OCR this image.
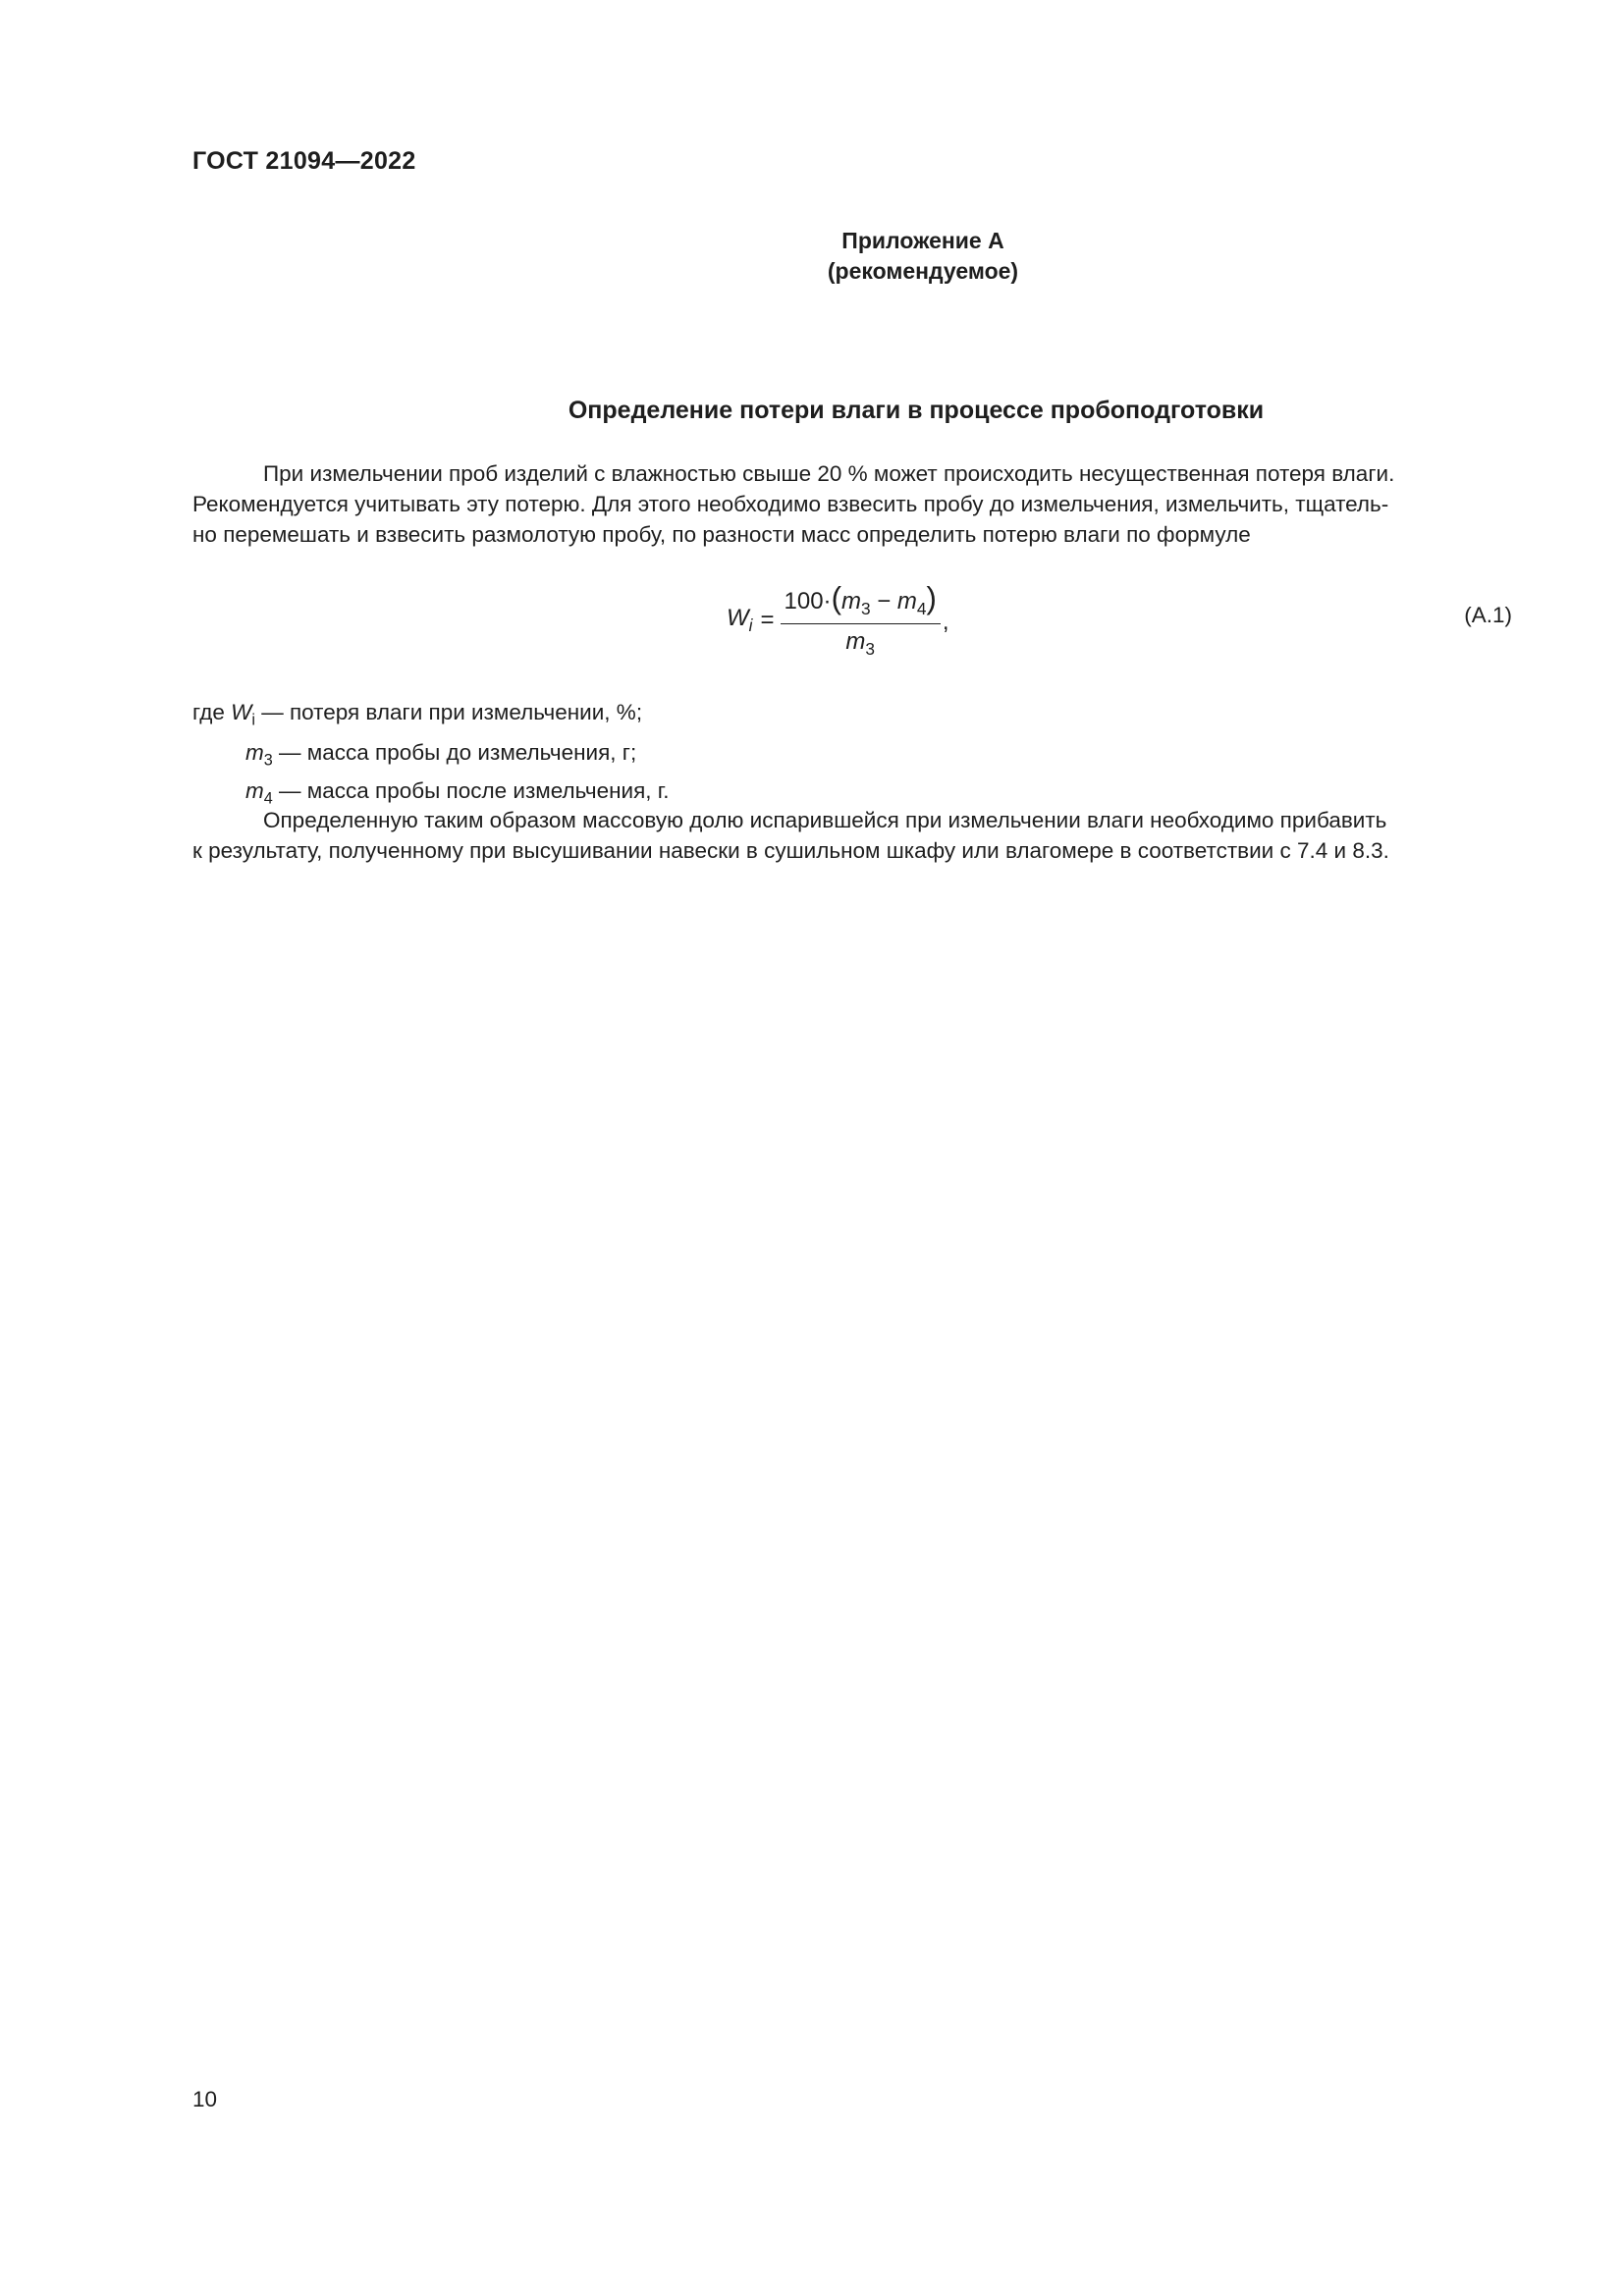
ГОСТ 21094—2022
Приложение А
(рекомендуемое)
Определение потери влаги в процессе пробоподготовки
При измельчении проб изделий с влажностью свыше 20 % может происходить несущественная потеря влаги.
Рекомендуется учитывать эту потерю. Для этого необходимо взвесить пробу до измельчения, измельчить, тщатель-
но перемешать и взвесить размолотую пробу, по разности масс определить потерю влаги по формуле
$W_i = \frac{100\cdot(m_3 - m_4)}{m_3}$ ,	(А.1)
где $W_i$ — потеря влаги при измельчении, %;
$m_3$ — масса пробы до измельчения, г;
$m_4$ — масса пробы после измельчения, г.
Определенную таким образом массовую долю испарившейся при измельчении влаги необходимо прибавить
к результату, полученному при высушивании навески в сушильном шкафу или влагомере в соответствии с 7.4 и 8.3.
10
